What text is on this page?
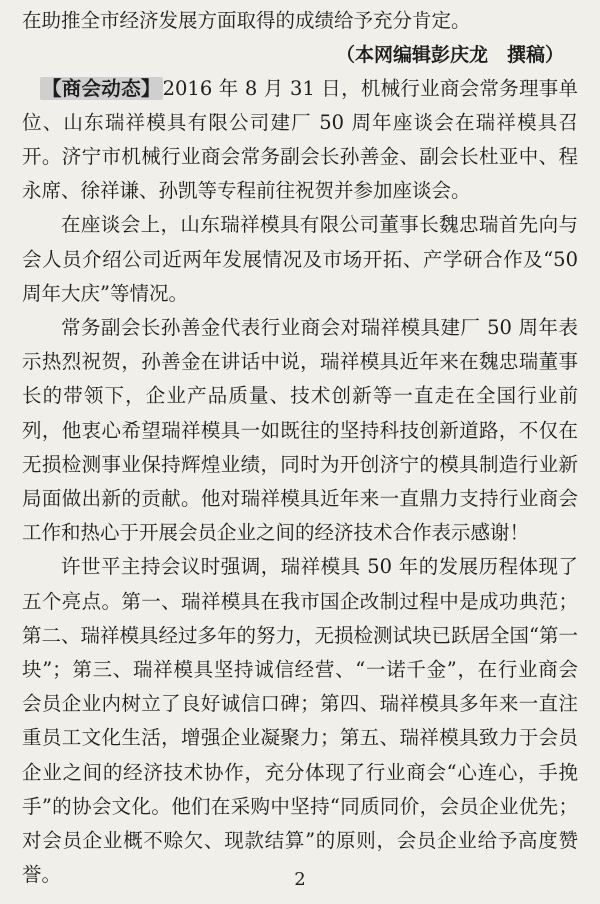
在助推全市经济发展方面取得的成绩给予充分肯定。

（本网编辑彭庆龙　撰稿）

【商会动态】 2016 年 8 月 31 日，机械行业商会常务理事单位、山东瑞祥模具有限公司建厂 50 周年座谈会在瑞祥模具召开。济宁市机械行业商会常务副会长孙善金、副会长杜亚中、程永席、徐祥谦、孙凯等专程前往祝贺并参加座谈会。

在座谈会上，山东瑞祥模具有限公司董事长魏忠瑞首先向与会人员介绍公司近两年发展情况及市场开拓、产学研合作及“50周年大庆”等情况。

常务副会长孙善金代表行业商会对瑞祥模具建厂 50 周年表示热烈祝贺，孙善金在讲话中说，瑞祥模具近年来在魏忠瑞董事长的带领下，企业产品质量、技术创新等一直走在全国行业前列，他衷心希望瑞祥模具一如既往的坚持科技创新道路，不仅在无损检测事业保持辉煌业绩，同时为开创济宁的模具制造行业新局面做出新的贡献。他对瑞祥模具近年来一直鼎力支持行业商会工作和热心于开展会员企业之间的经济技术合作表示感谢！

许世平主持会议时强调，瑞祥模具 50 年的发展历程体现了五个亮点。第一、瑞祥模具在我市国企改制过程中是成功典范；第二、瑞祥模具经过多年的努力，无损检测试块已跃居全国“第一块”；第三、瑞祥模具坚持诚信经营、“一诺千金”，在行业商会会员企业内树立了良好诚信口碑；第四、瑞祥模具多年来一直注重员工文化生活，增强企业凝聚力；第五、瑞祥模具致力于会员企业之间的经济技术协作，充分体现了行业商会“心连心，手挽手”的协会文化。他们在采购中坚持“同质同价，会员企业优先；对会员企业概不赊欠、现款结算”的原则，会员企业给予高度赞誉。	2
